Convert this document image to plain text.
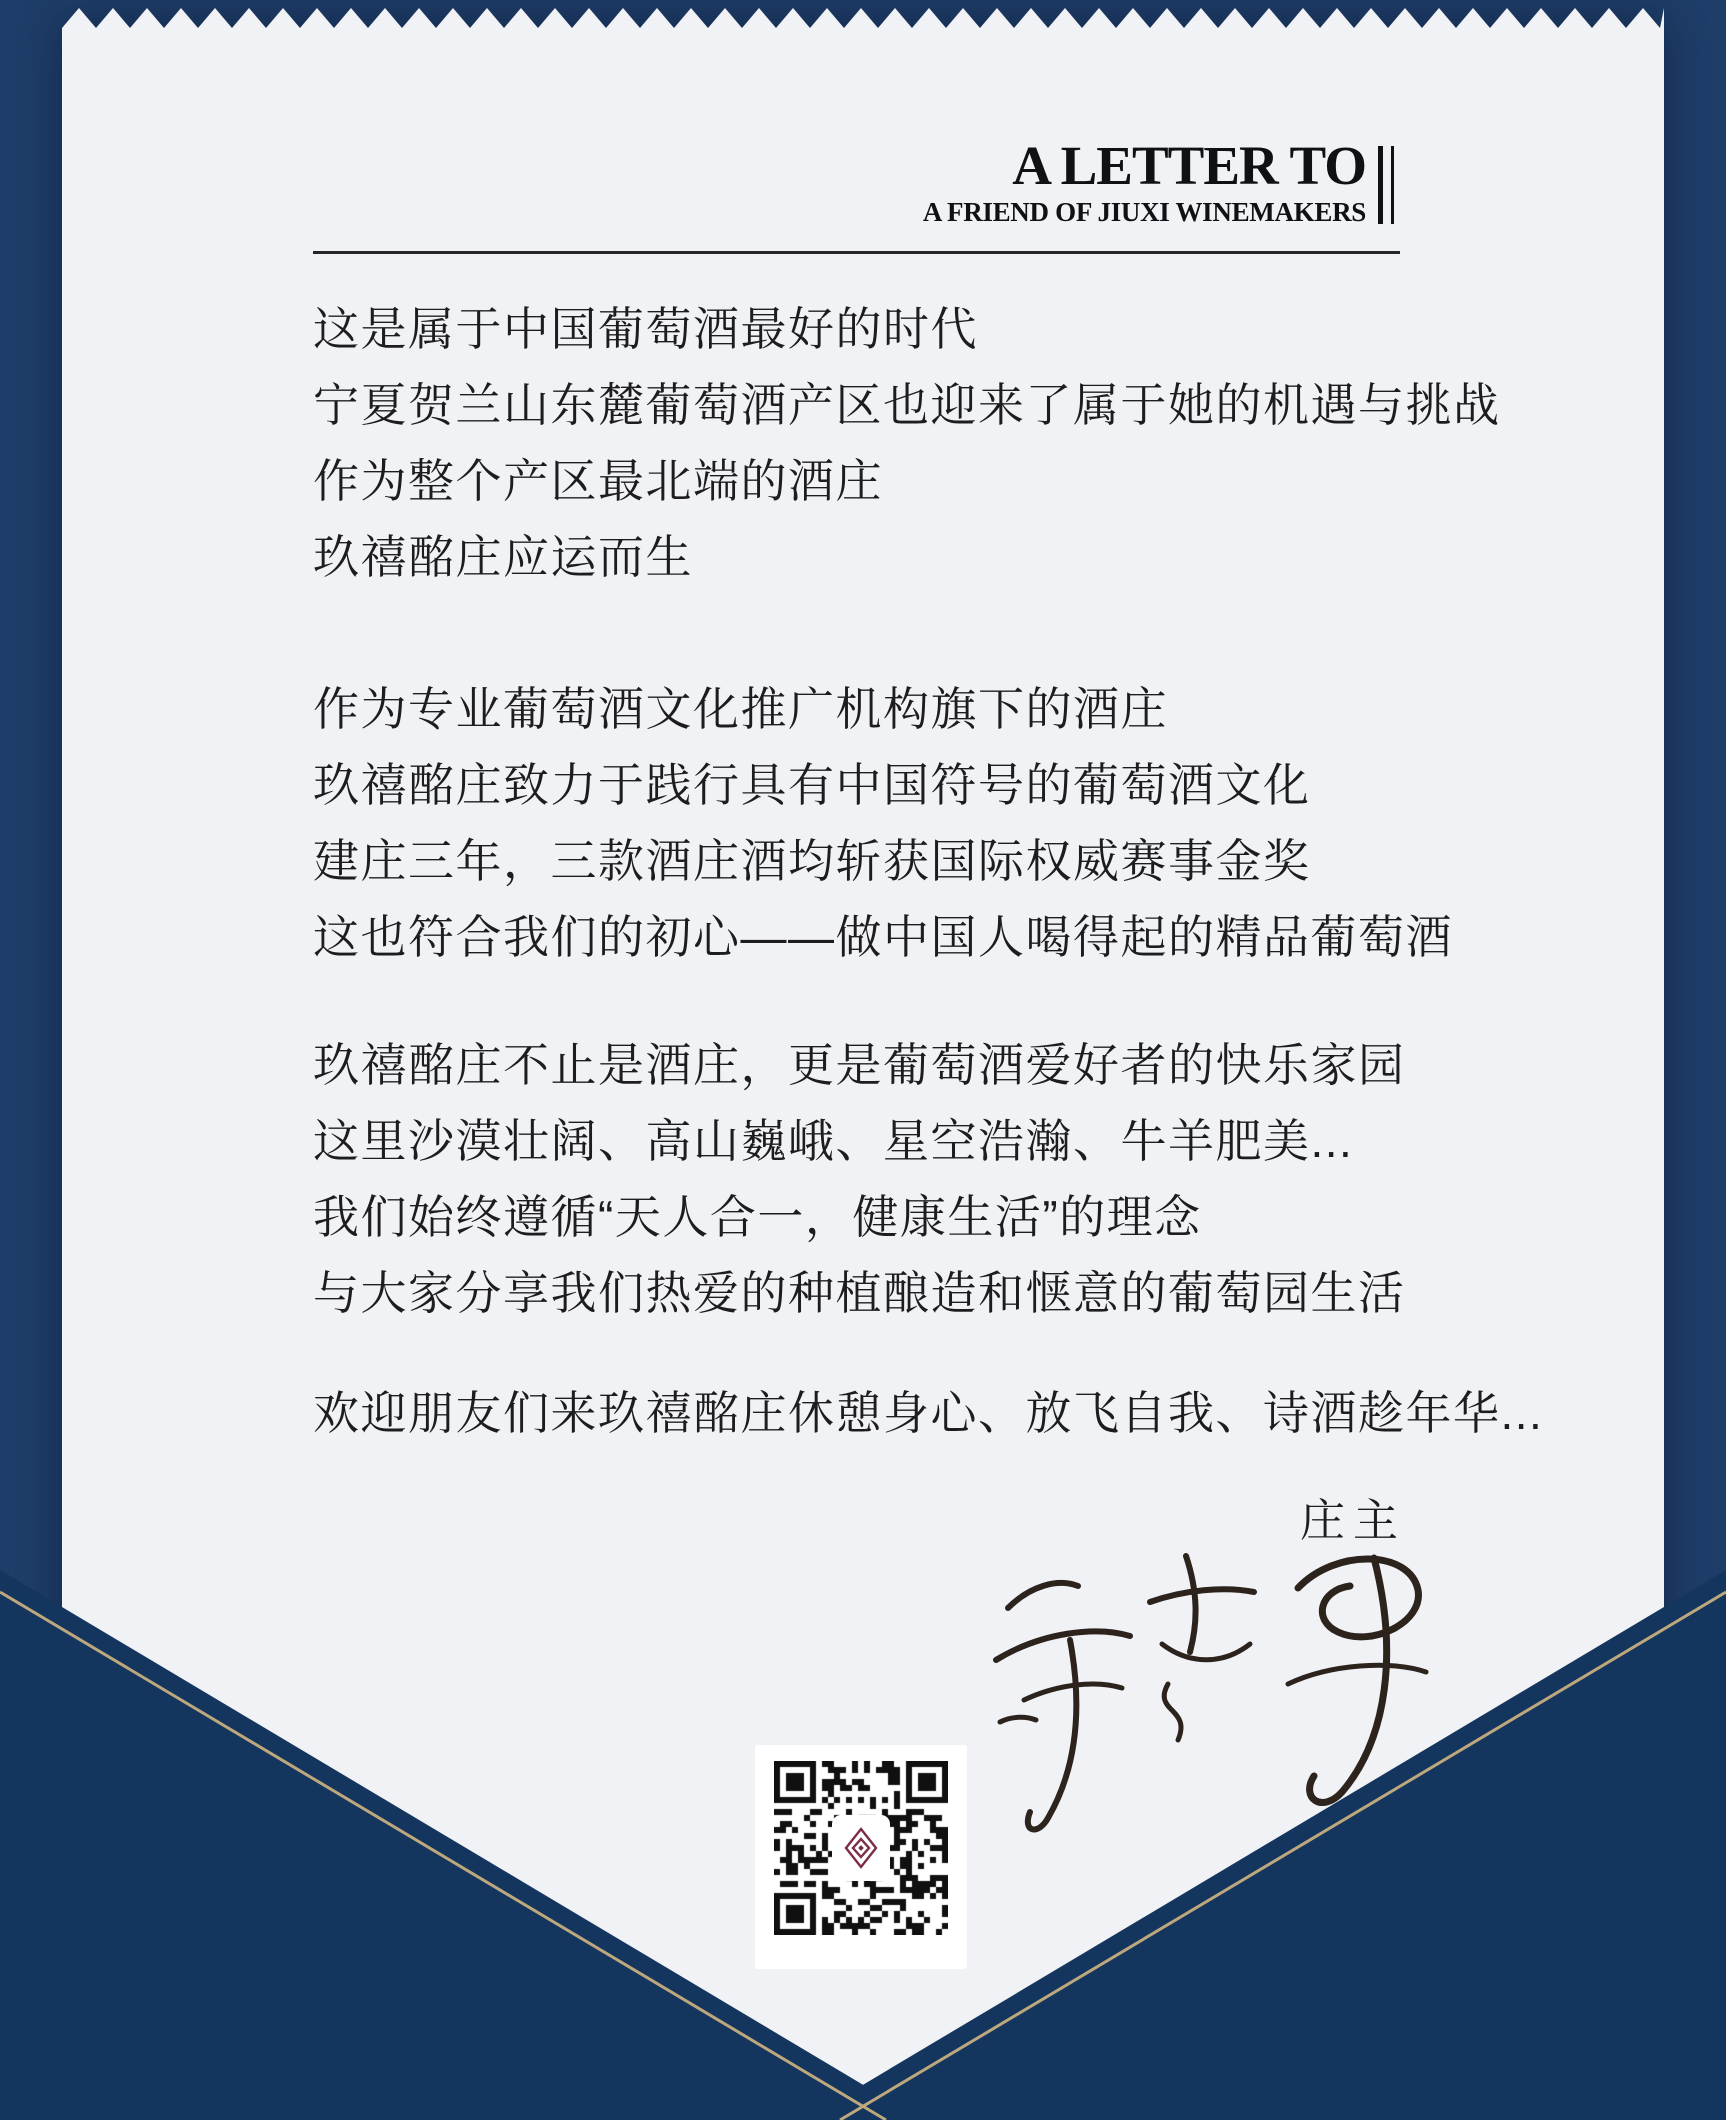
A LETTER TO
A FRIEND OF JIUXI WINEMAKERS
这是属于中国葡萄酒最好的时代
宁夏贺兰山东麓葡萄酒产区也迎来了属于她的机遇与挑战
作为整个产区最北端的酒庄
玖禧酩庄应运而生
作为专业葡萄酒文化推广机构旗下的酒庄
玖禧酩庄致力于践行具有中国符号的葡萄酒文化
建庄三年，三款酒庄酒均斩获国际权威赛事金奖
这也符合我们的初心——做中国人喝得起的精品葡萄酒
玖禧酩庄不止是酒庄，更是葡萄酒爱好者的快乐家园
这里沙漠壮阔、高山巍峨、星空浩瀚、牛羊肥美...
我们始终遵循“天人合一，健康生活”的理念
与大家分享我们热爱的种植酿造和惬意的葡萄园生活
欢迎朋友们来玖禧酩庄休憩身心、放飞自我、诗酒趁年华...
庄主
